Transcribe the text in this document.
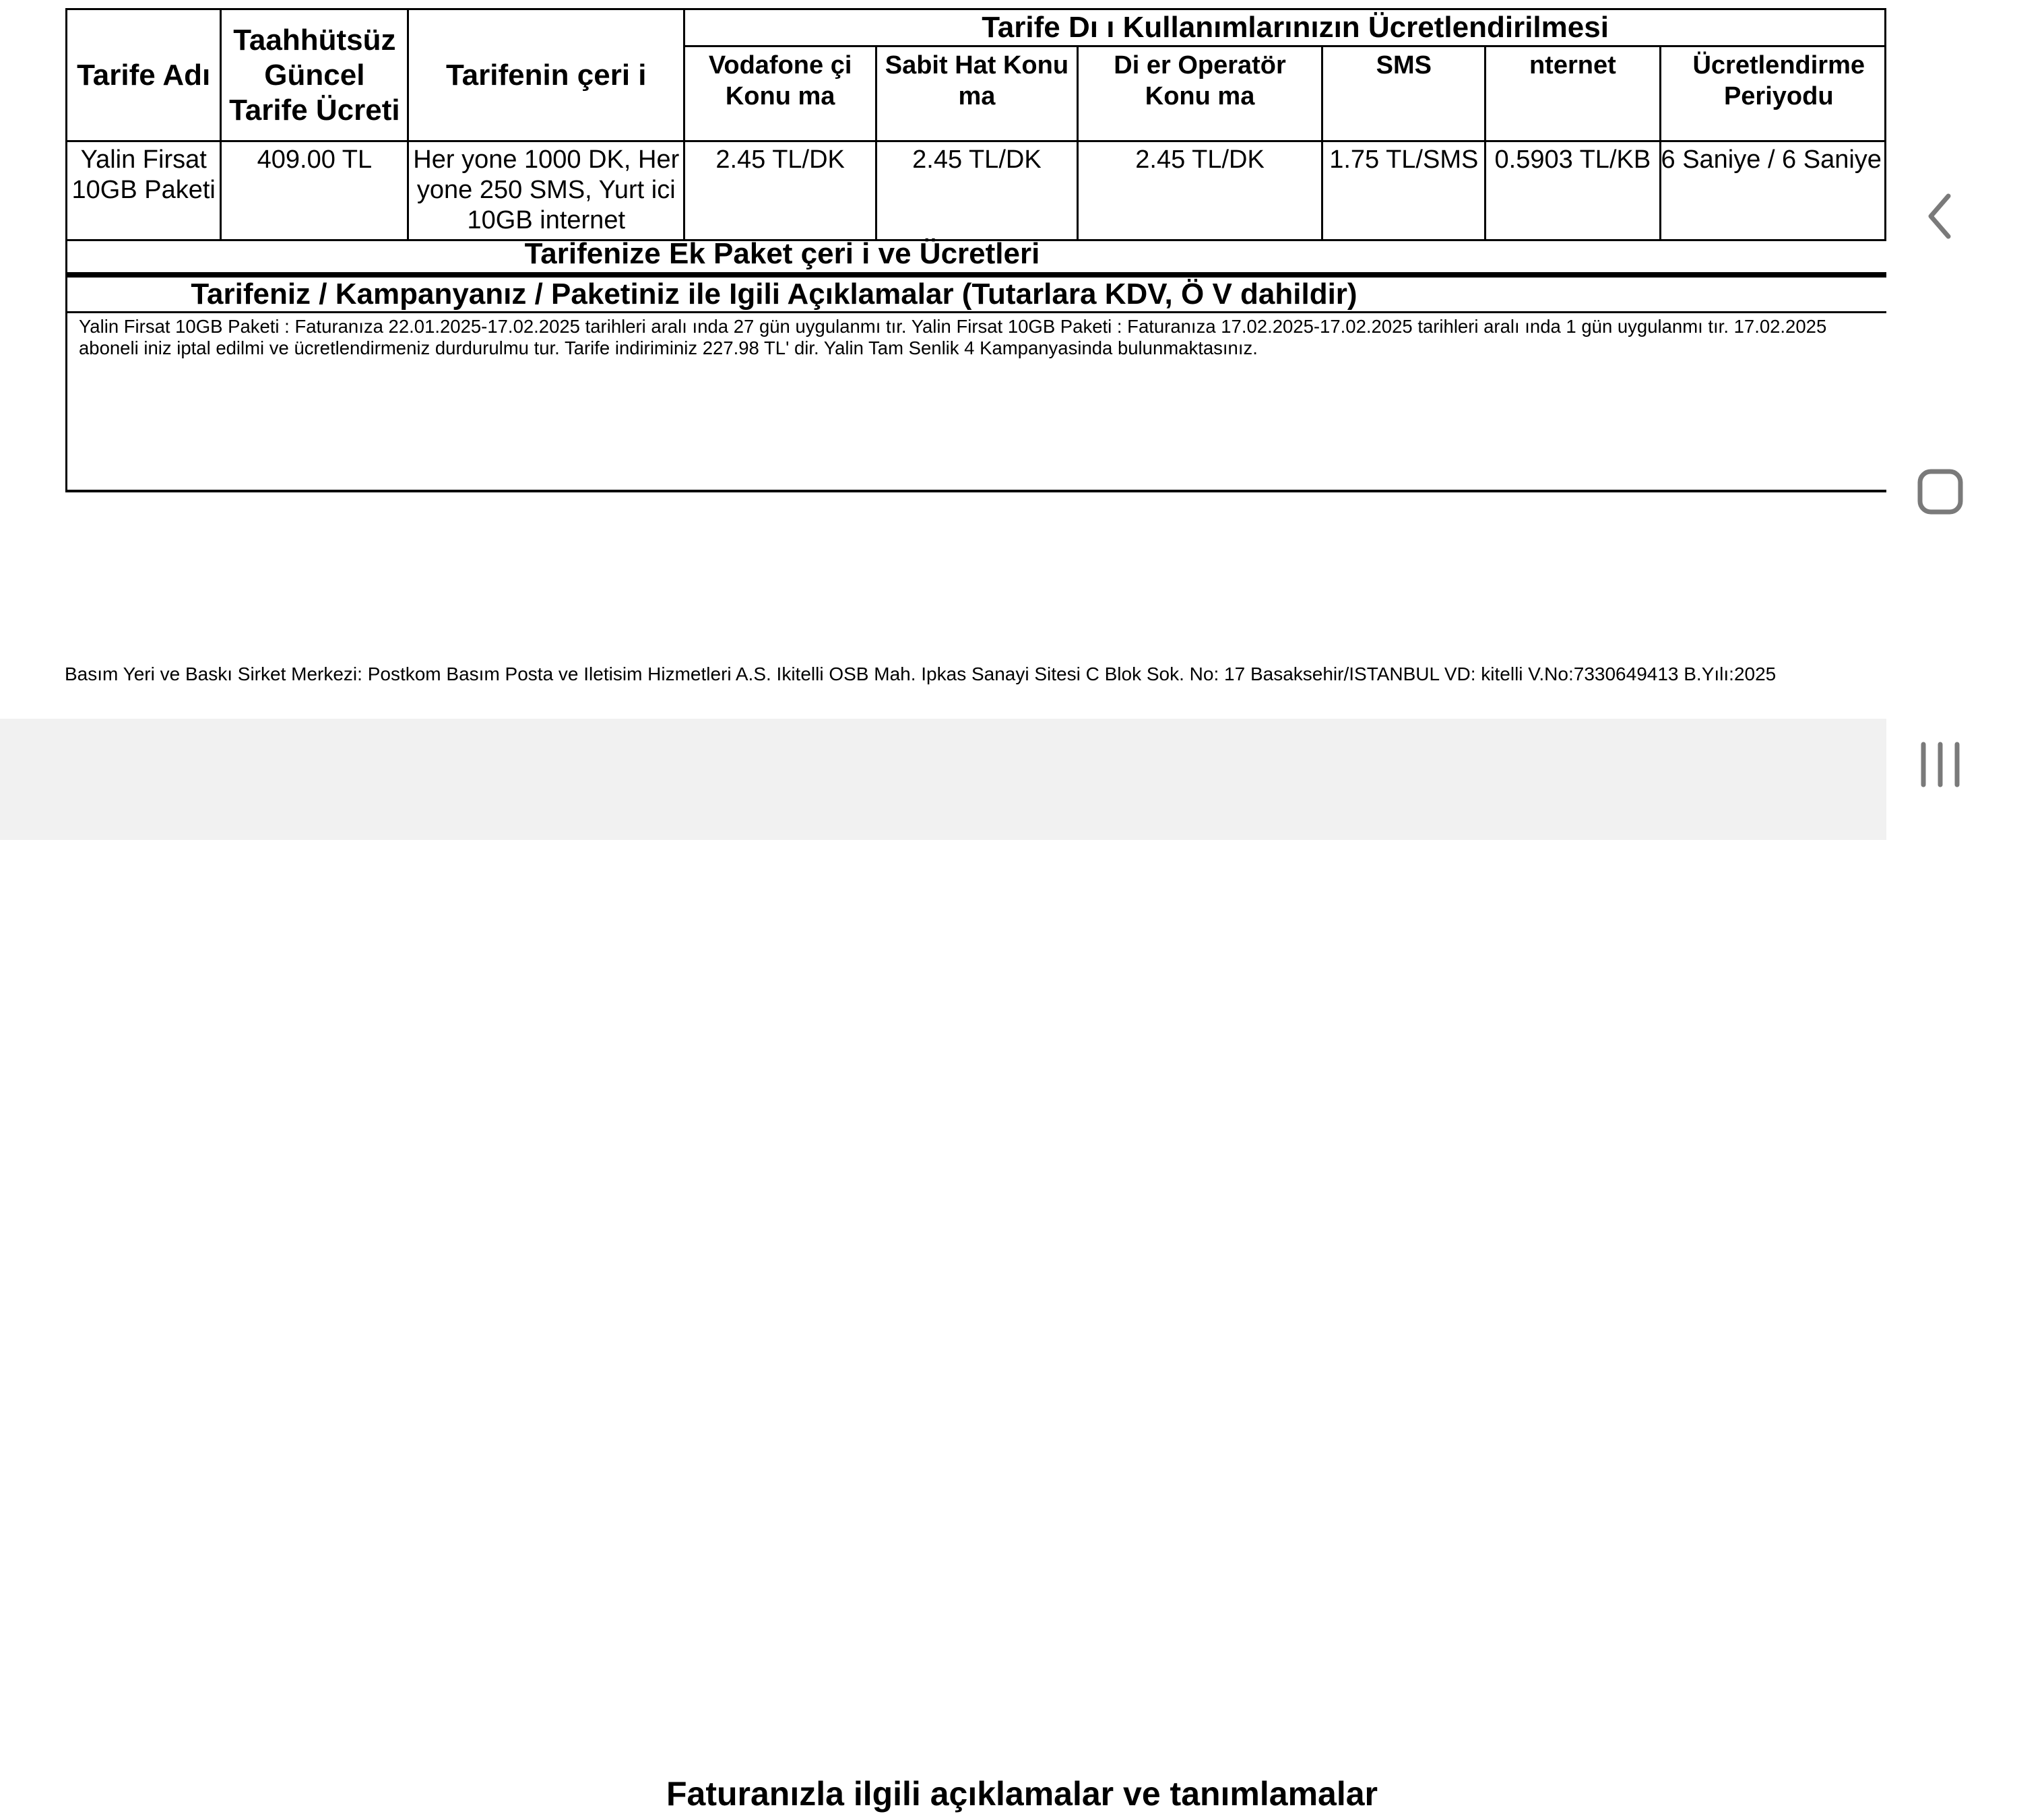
Tarife Adı	Taahhütsüz Güncel Tarife Ücreti	Tarifenin çeri i	Tarife Dı ı Kullanımlarınızın Ücretlendirilmesi					
			Vodafone çi Konu ma	Sabit Hat Konu ma	Di er Operatör Konu ma	SMS	nternet	Ücretlendirme Periyodu
Yalin Firsat 10GB Paketi	409.00 TL	Her yone 1000 DK, Her yone 250 SMS, Yurt ici 10GB internet	2.45 TL/DK	2.45 TL/DK	2.45 TL/DK	1.75 TL/SMS	0.5903 TL/KB	6 Saniye / 6 Saniye
Tarifenize Ek Paket çeri i ve Ücretleri
Tarifeniz / Kampanyanız / Paketiniz ile Igili Açıklamalar (Tutarlara KDV, Ö V dahildir)
Yalin Firsat 10GB Paketi : Faturanıza 22.01.2025-17.02.2025 tarihleri aralı ında 27 gün uygulanmı tır. Yalin Firsat 10GB Paketi : Faturanıza 17.02.2025-17.02.2025 tarihleri aralı ında 1 gün uygulanmı tır. 17.02.2025
aboneli iniz iptal edilmi ve ücretlendirmeniz durdurulmu tur. Tarife indiriminiz 227.98 TL' dir. Yalin Tam Senlik 4 Kampanyasinda bulunmaktasınız.
Basım Yeri ve Baskı Sirket Merkezi: Postkom Basım Posta ve Iletisim Hizmetleri A.S. Ikitelli OSB Mah. Ipkas Sanayi Sitesi C Blok Sok. No: 17 Basaksehir/ISTANBUL VD: kitelli V.No:7330649413 B.Yılı:2025
Faturanızla ilgili açıklamalar ve tanımlamalar
